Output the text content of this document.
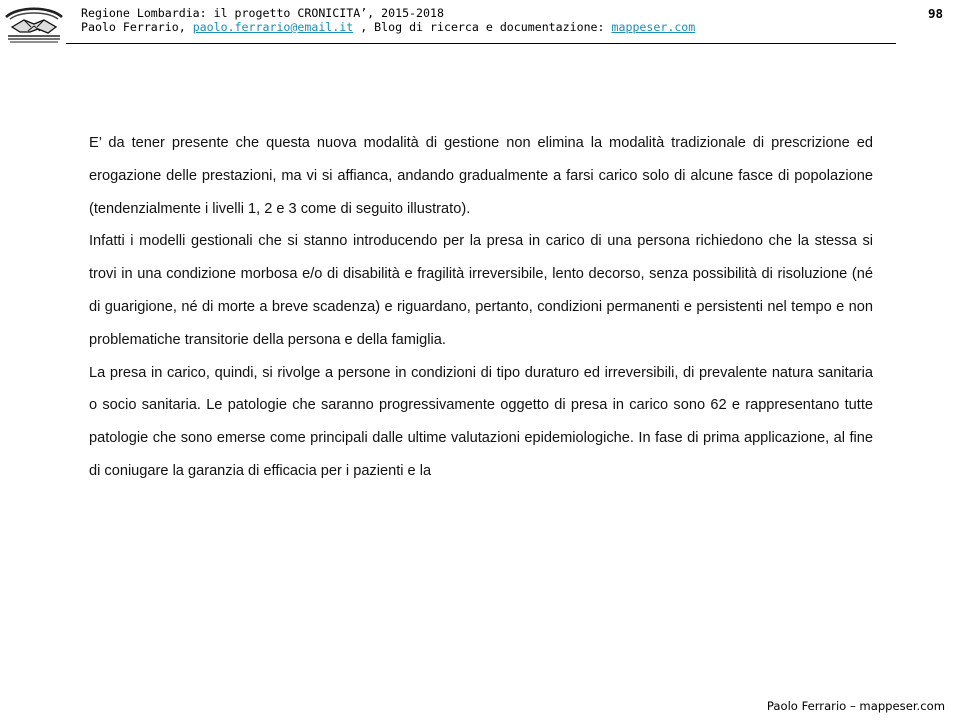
Regione Lombardia: il progetto CRONICITA’, 2015-2018
Paolo Ferrario, paolo.ferrario@email.it , Blog di ricerca e documentazione: mappeser.com
98

E’ da tener presente che questa nuova modalità di gestione non elimina la modalità tradizionale di prescrizione ed erogazione delle prestazioni, ma vi si affianca, andando gradualmente a farsi carico solo di alcune fasce di popolazione (tendenzialmente i livelli 1, 2 e 3 come di seguito illustrato).

Infatti i modelli gestionali che si stanno introducendo per la presa in carico di una persona richiedono che la stessa si trovi in una condizione morbosa e/o di disabilità e fragilità irreversibile, lento decorso, senza possibilità di risoluzione (né di guarigione, né di morte a breve scadenza) e riguardano, pertanto, condizioni permanenti e persistenti nel tempo e non problematiche transitorie della persona e della famiglia.

La presa in carico, quindi, si rivolge a persone in condizioni di tipo duraturo ed irreversibili, di prevalente natura sanitaria o socio sanitaria. Le patologie che saranno progressivamente oggetto di presa in carico sono 62 e rappresentano tutte patologie che sono emerse come principali dalle ultime valutazioni epidemiologiche. In fase di prima applicazione, al fine di coniugare la garanzia di efficacia per i pazienti e la

Paolo Ferrario – mappeser.com
